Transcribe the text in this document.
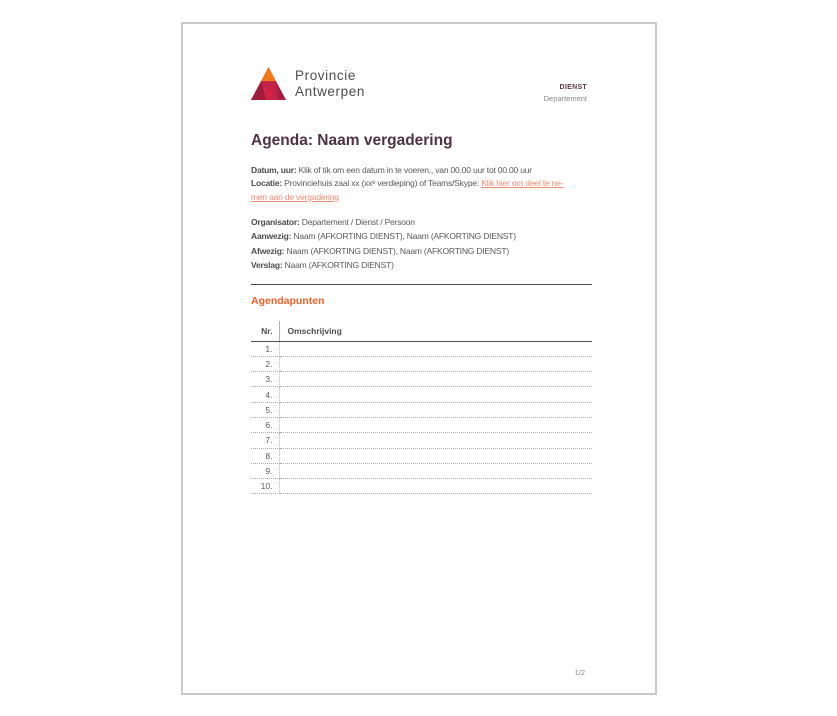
Provincie
Antwerpen	DIENST
Departement
Agenda: Naam vergadering
Datum, uur: Klik of tik om een datum in te voeren., van 00.00 uur tot 00.00 uur
Locatie: Provinciehuis zaal xx (xxᵉ verdieping) of Teams/Skype: Klik hier om deel te ne-
men aan de vergadering
Organisator: Departement / Dienst / Persoon
Aanwezig: Naam (AFKORTING DIENST), Naam (AFKORTING DIENST)
Afwezig: Naam (AFKORTING DIENST), Naam (AFKORTING DIENST)
Verslag: Naam (AFKORTING DIENST)
Agendapunten
Nr.	Omschrijving
1.	
2.	
3.	
4.	
5.	
6.	
7.	
8.	
9.	
10.	
1/2
